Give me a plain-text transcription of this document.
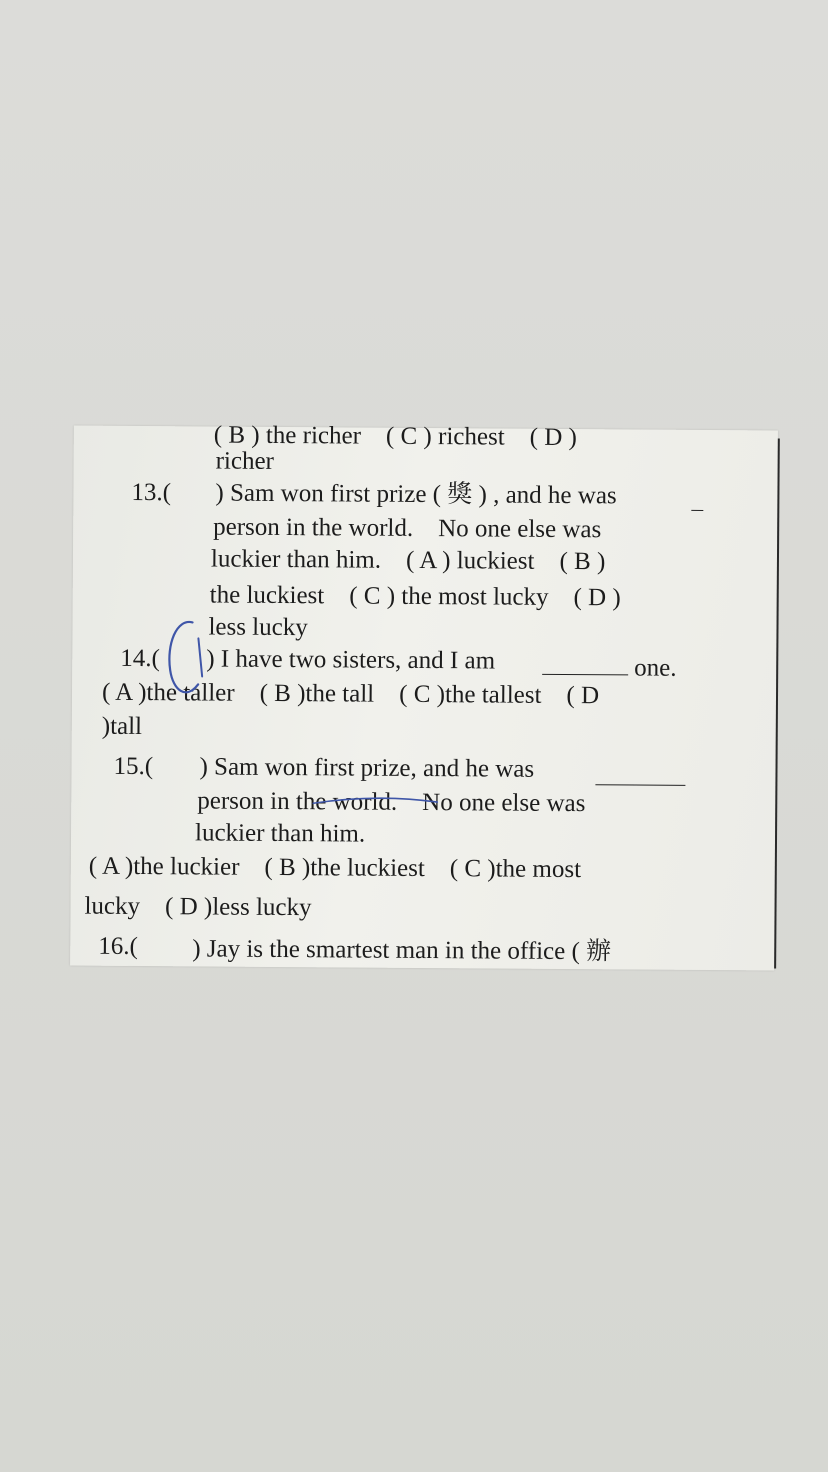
( B ) the richer　( C ) richest　( D )
richer
13.( ) Sam won first prize ( 獎 ) , and he was
person in the world.　No one else was
luckier than him.　( A ) luckiest　( B )
the luckiest　( C ) the most lucky　( D )
less lucky
14.( ) I have two sisters, and I am	one.
( A )the taller　( B )the tall　( C )the tallest　( D
)tall
15.( ) Sam won first prize, and he was
person in the world.　No one else was
luckier than him.
( A )the luckier　( B )the luckiest　( C )the most
lucky　( D )less lucky
16.( ) Jay is the smartest man in the office ( 辦
